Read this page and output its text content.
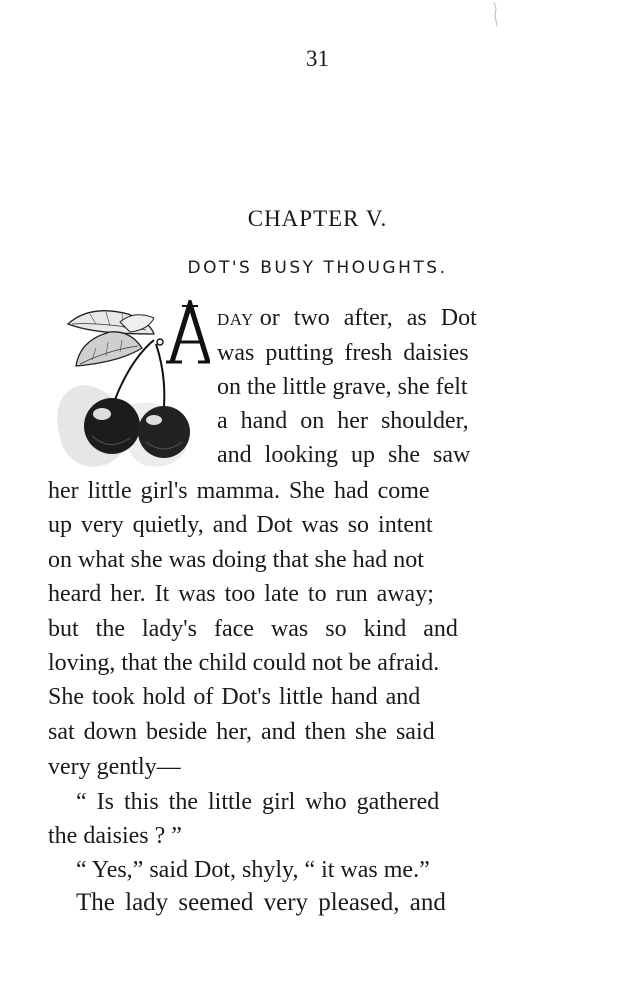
31
CHAPTER V.
DOT'S BUSY THOUGHTS.
DAY or two after, as Dot
was putting fresh daisies
on the little grave, she felt
a hand on her shoulder,
and looking up she saw
her little girl's mamma. She had come
up very quietly, and Dot was so intent
on what she was doing that she had not
heard her. It was too late to run away;
but the lady's face was so kind and
loving, that the child could not be afraid.
She took hold of Dot's little hand and
sat down beside her, and then she said
very gently—
“ Is this the little girl who gathered
the daisies ? ”
“ Yes,” said Dot, shyly, “ it was me.”
The lady seemed very pleased, and
